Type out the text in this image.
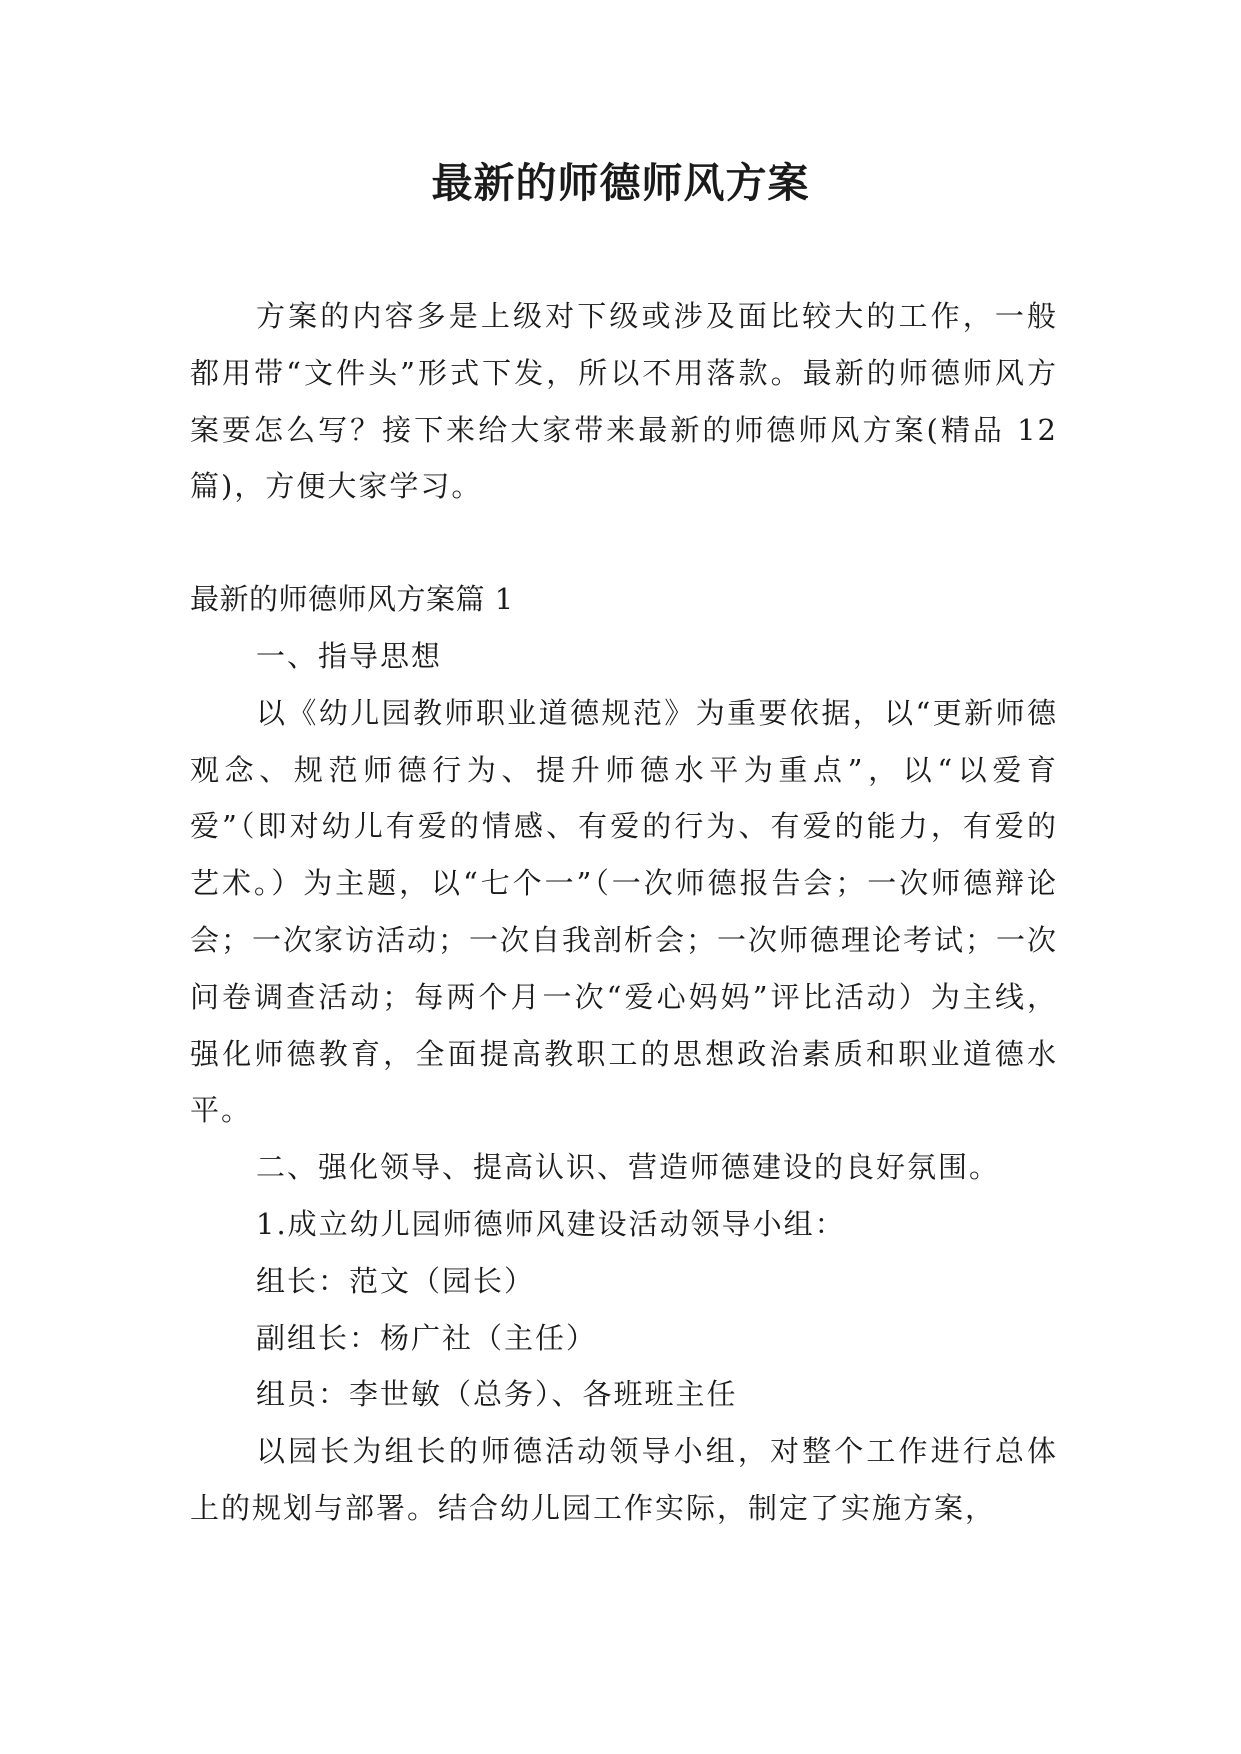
最新的师德师风方案

方案的内容多是上级对下级或涉及面比较大的工作，一般都用带“文件头”形式下发，所以不用落款。最新的师德师风方案要怎么写？接下来给大家带来最新的师德师风方案(精品 12 篇)，方便大家学习。

最新的师德师风方案篇 1

一、指导思想

以《幼儿园教师职业道德规范》为重要依据，以“更新师德观念、规范师德行为、提升师德水平为重点”，以“以爱育爱”（即对幼儿有爱的情感、有爱的行为、有爱的能力，有爱的艺术。）为主题，以“七个一”（一次师德报告会；一次师德辩论会；一次家访活动；一次自我剖析会；一次师德理论考试；一次问卷调查活动；每两个月一次“爱心妈妈”评比活动）为主线，强化师德教育，全面提高教职工的思想政治素质和职业道德水平。

二、强化领导、提高认识、营造师德建设的良好氛围。

1.成立幼儿园师德师风建设活动领导小组：

组长：范文（园长）

副组长：杨广社（主任）

组员：李世敏（总务）、各班班主任

以园长为组长的师德活动领导小组，对整个工作进行总体上的规划与部署。结合幼儿园工作实际，制定了实施方案，
